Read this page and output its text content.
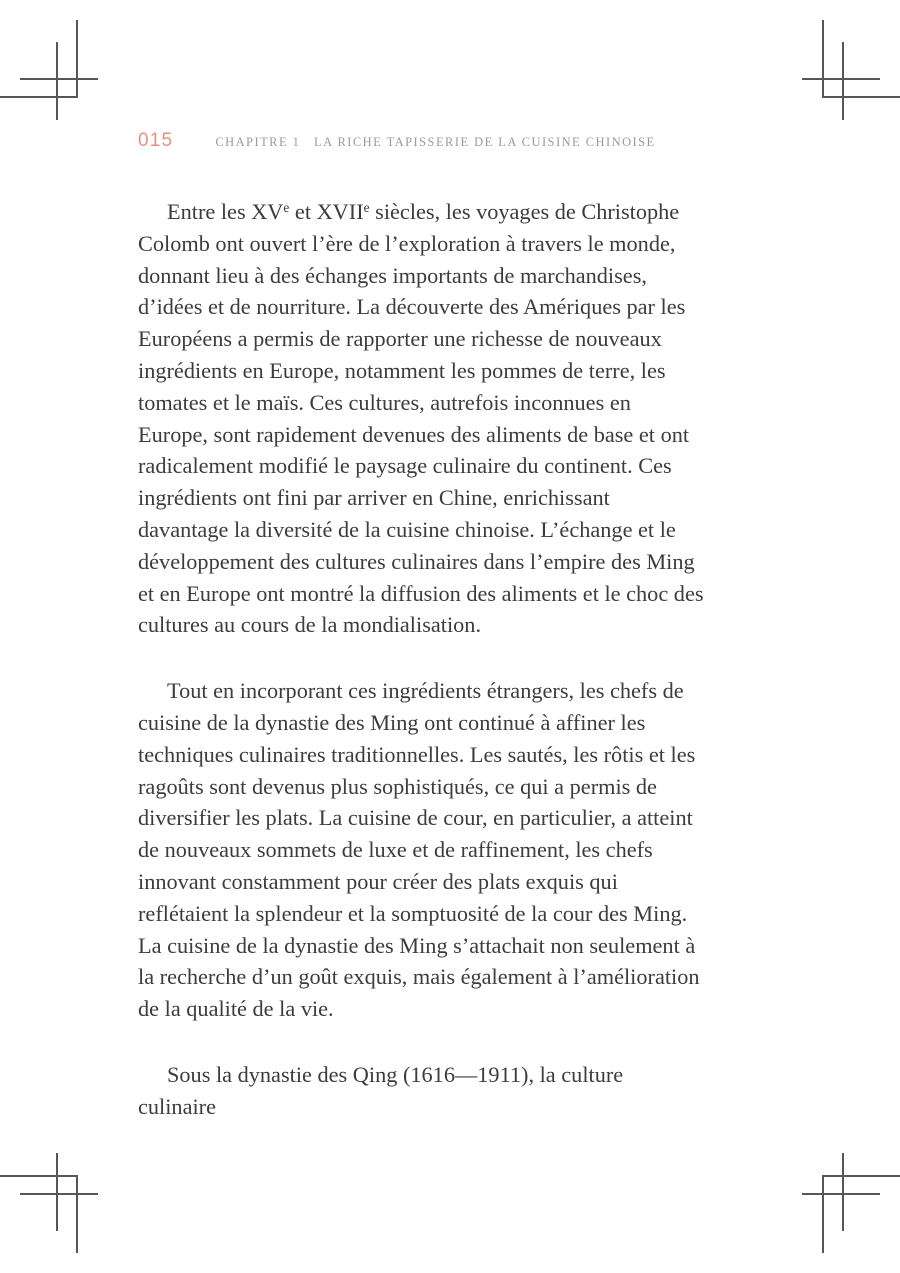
015	CHAPITRE 1   LA RICHE TAPISSERIE DE LA CUISINE CHINOISE

Entre les XVe et XVIIe siècles, les voyages de Christophe Colomb ont ouvert l’ère de l’exploration à travers le monde, donnant lieu à des échanges importants de marchandises, d’idées et de nourriture. La découverte des Amériques par les Européens a permis de rapporter une richesse de nouveaux ingrédients en Europe, notamment les pommes de terre, les tomates et le maïs. Ces cultures, autrefois inconnues en Europe, sont rapidement devenues des aliments de base et ont radicalement modifié le paysage culinaire du continent. Ces ingrédients ont fini par arriver en Chine, enrichissant davantage la diversité de la cuisine chinoise. L’échange et le développement des cultures culinaires dans l’empire des Ming et en Europe ont montré la diffusion des aliments et le choc des cultures au cours de la mondialisation.

Tout en incorporant ces ingrédients étrangers, les chefs de cuisine de la dynastie des Ming ont continué à affiner les techniques culinaires traditionnelles. Les sautés, les rôtis et les ragoûts sont devenus plus sophistiqués, ce qui a permis de diversifier les plats. La cuisine de cour, en particulier, a atteint de nouveaux sommets de luxe et de raffinement, les chefs innovant constamment pour créer des plats exquis qui reflétaient la splendeur et la somptuosité de la cour des Ming. La cuisine de la dynastie des Ming s’attachait non seulement à la recherche d’un goût exquis, mais également à l’amélioration de la qualité de la vie.

Sous la dynastie des Qing (1616—1911), la culture culinaire
